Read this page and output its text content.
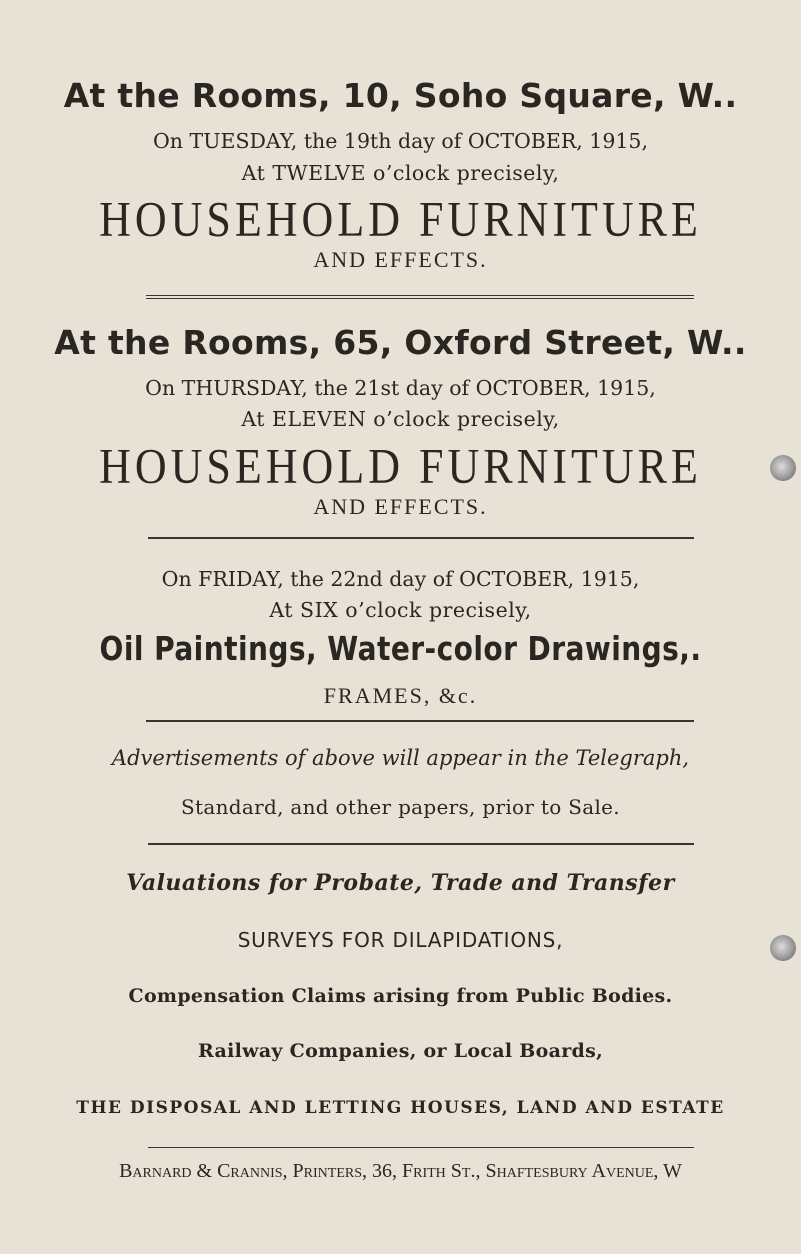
At the Rooms, 10, Soho Square, W..
On TUESDAY, the 19th day of OCTOBER, 1915,
At TWELVE o’clock precisely,
HOUSEHOLD FURNITURE
AND EFFECTS.
At the Rooms, 65, Oxford Street, W..
On THURSDAY, the 21st day of OCTOBER, 1915,
At ELEVEN o’clock precisely,
HOUSEHOLD FURNITURE
AND EFFECTS.
On FRIDAY, the 22nd day of OCTOBER, 1915,
At SIX o’clock precisely,
Oil Paintings, Water-color Drawings,.
FRAMES, &c.
Advertisements of above will appear in the Telegraph,
Standard, and other papers, prior to Sale.
Valuations for Probate, Trade and Transfer
SURVEYS FOR DILAPIDATIONS,
Compensation Claims arising from Public Bodies.
Railway Companies, or Local Boards,
THE DISPOSAL AND LETTING HOUSES, LAND AND ESTATE
Barnard & Crannis, Printers, 36, Frith St., Shaftesbury Avenue, W
